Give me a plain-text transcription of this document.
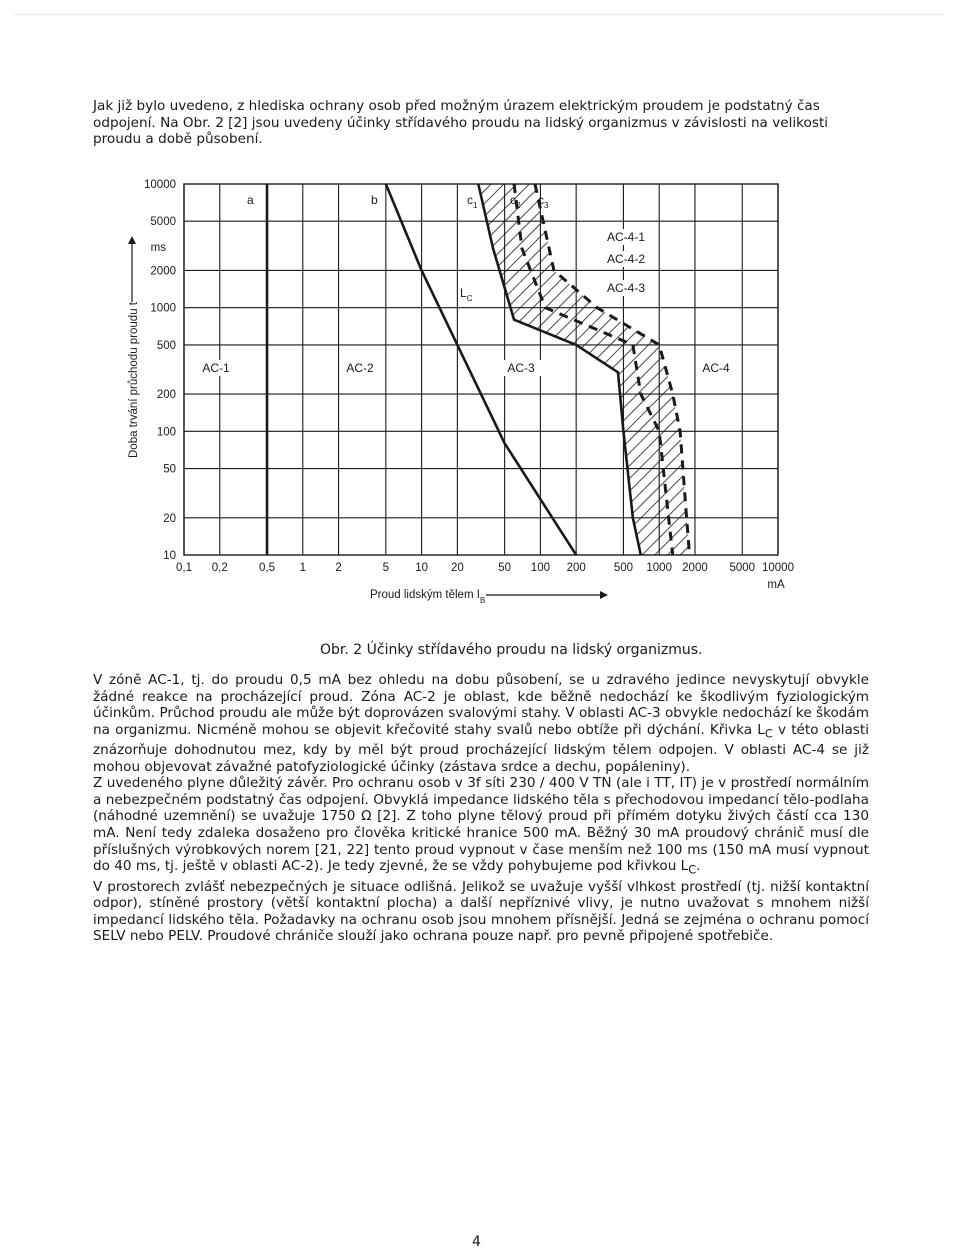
Jak již bylo uvedeno, z hlediska ochrany osob před možným úrazem elektrickým proudem je podstatný čas odpojení. Na Obr. 2 [2] jsou uvedeny účinky střídavého proudu na lidský organizmus v závislosti na velikosti proudu a době působení.
0,1 0,2	0,5 1	2	5 10 20	50 100 200 500 1000 2000 5000 10000
10000
5000
2000
1000
500
200
100
50
20
10
ms
mA
Proud lidským tělem $I_B$
Doba trvání průchodu proudu t
a	b	$c_1$	$c_2$ $c_3$
$L_C$
AC-1	AC-2	AC-3	AC-4
AC-4-1
AC-4-2
AC-4-3
Obr. 2 Účinky střídavého proudu na lidský organizmus.

V zóně AC-1, tj. do proudu 0,5 mA bez ohledu na dobu působení, se u zdravého jedince nevyskytují obvykle žádné reakce na procházející proud. Zóna AC-2 je oblast, kde běžně nedochází ke škodlivým fyziologickým účinkům. Průchod proudu ale může být doprovázen svalovými stahy. V oblasti AC-3 obvykle nedochází ke škodám na organizmu. Nicméně mohou se objevit křečovité stahy svalů nebo obtíže při dýchání. Křivka $L_C$ v této oblasti znázorňuje dohodnutou mez, kdy by měl být proud procházející lidským tělem odpojen. V oblasti AC-4 se již mohou objevovat závažné patofyziologické účinky (zástava srdce a dechu, popáleniny).

Z uvedeného plyne důležitý závěr. Pro ochranu osob v 3f síti 230 / 400 V TN (ale i TT, IT) je v prostředí normálním a nebezpečném podstatný čas odpojení. Obvyklá impedance lidského těla s přechodovou impedancí tělo-podlaha (náhodné uzemnění) se uvažuje 1750 Ω [2]. Z toho plyne tělový proud při přímém dotyku živých částí cca 130 mA. Není tedy zdaleka dosaženo pro člověka kritické hranice 500 mA. Běžný 30 mA proudový chránič musí dle příslušných výrobkových norem [21, 22] tento proud vypnout v čase menším než 100 ms (150 mA musí vypnout do 40 ms, tj. ještě v oblasti AC-2). Je tedy zjevné, že se vždy pohybujeme pod křivkou $L_C$.

V prostorech zvlášť nebezpečných je situace odlišná. Jelikož se uvažuje vyšší vlhkost prostředí (tj. nižší kontaktní odpor), stíněné prostory (větší kontaktní plocha) a další nepříznivé vlivy, je nutno uvažovat s mnohem nižší impedancí lidského těla. Požadavky na ochranu osob jsou mnohem přísnější. Jedná se zejména o ochranu pomocí SELV nebo PELV. Proudové chrániče slouží jako ochrana pouze např. pro pevně připojené spotřebiče.

4
